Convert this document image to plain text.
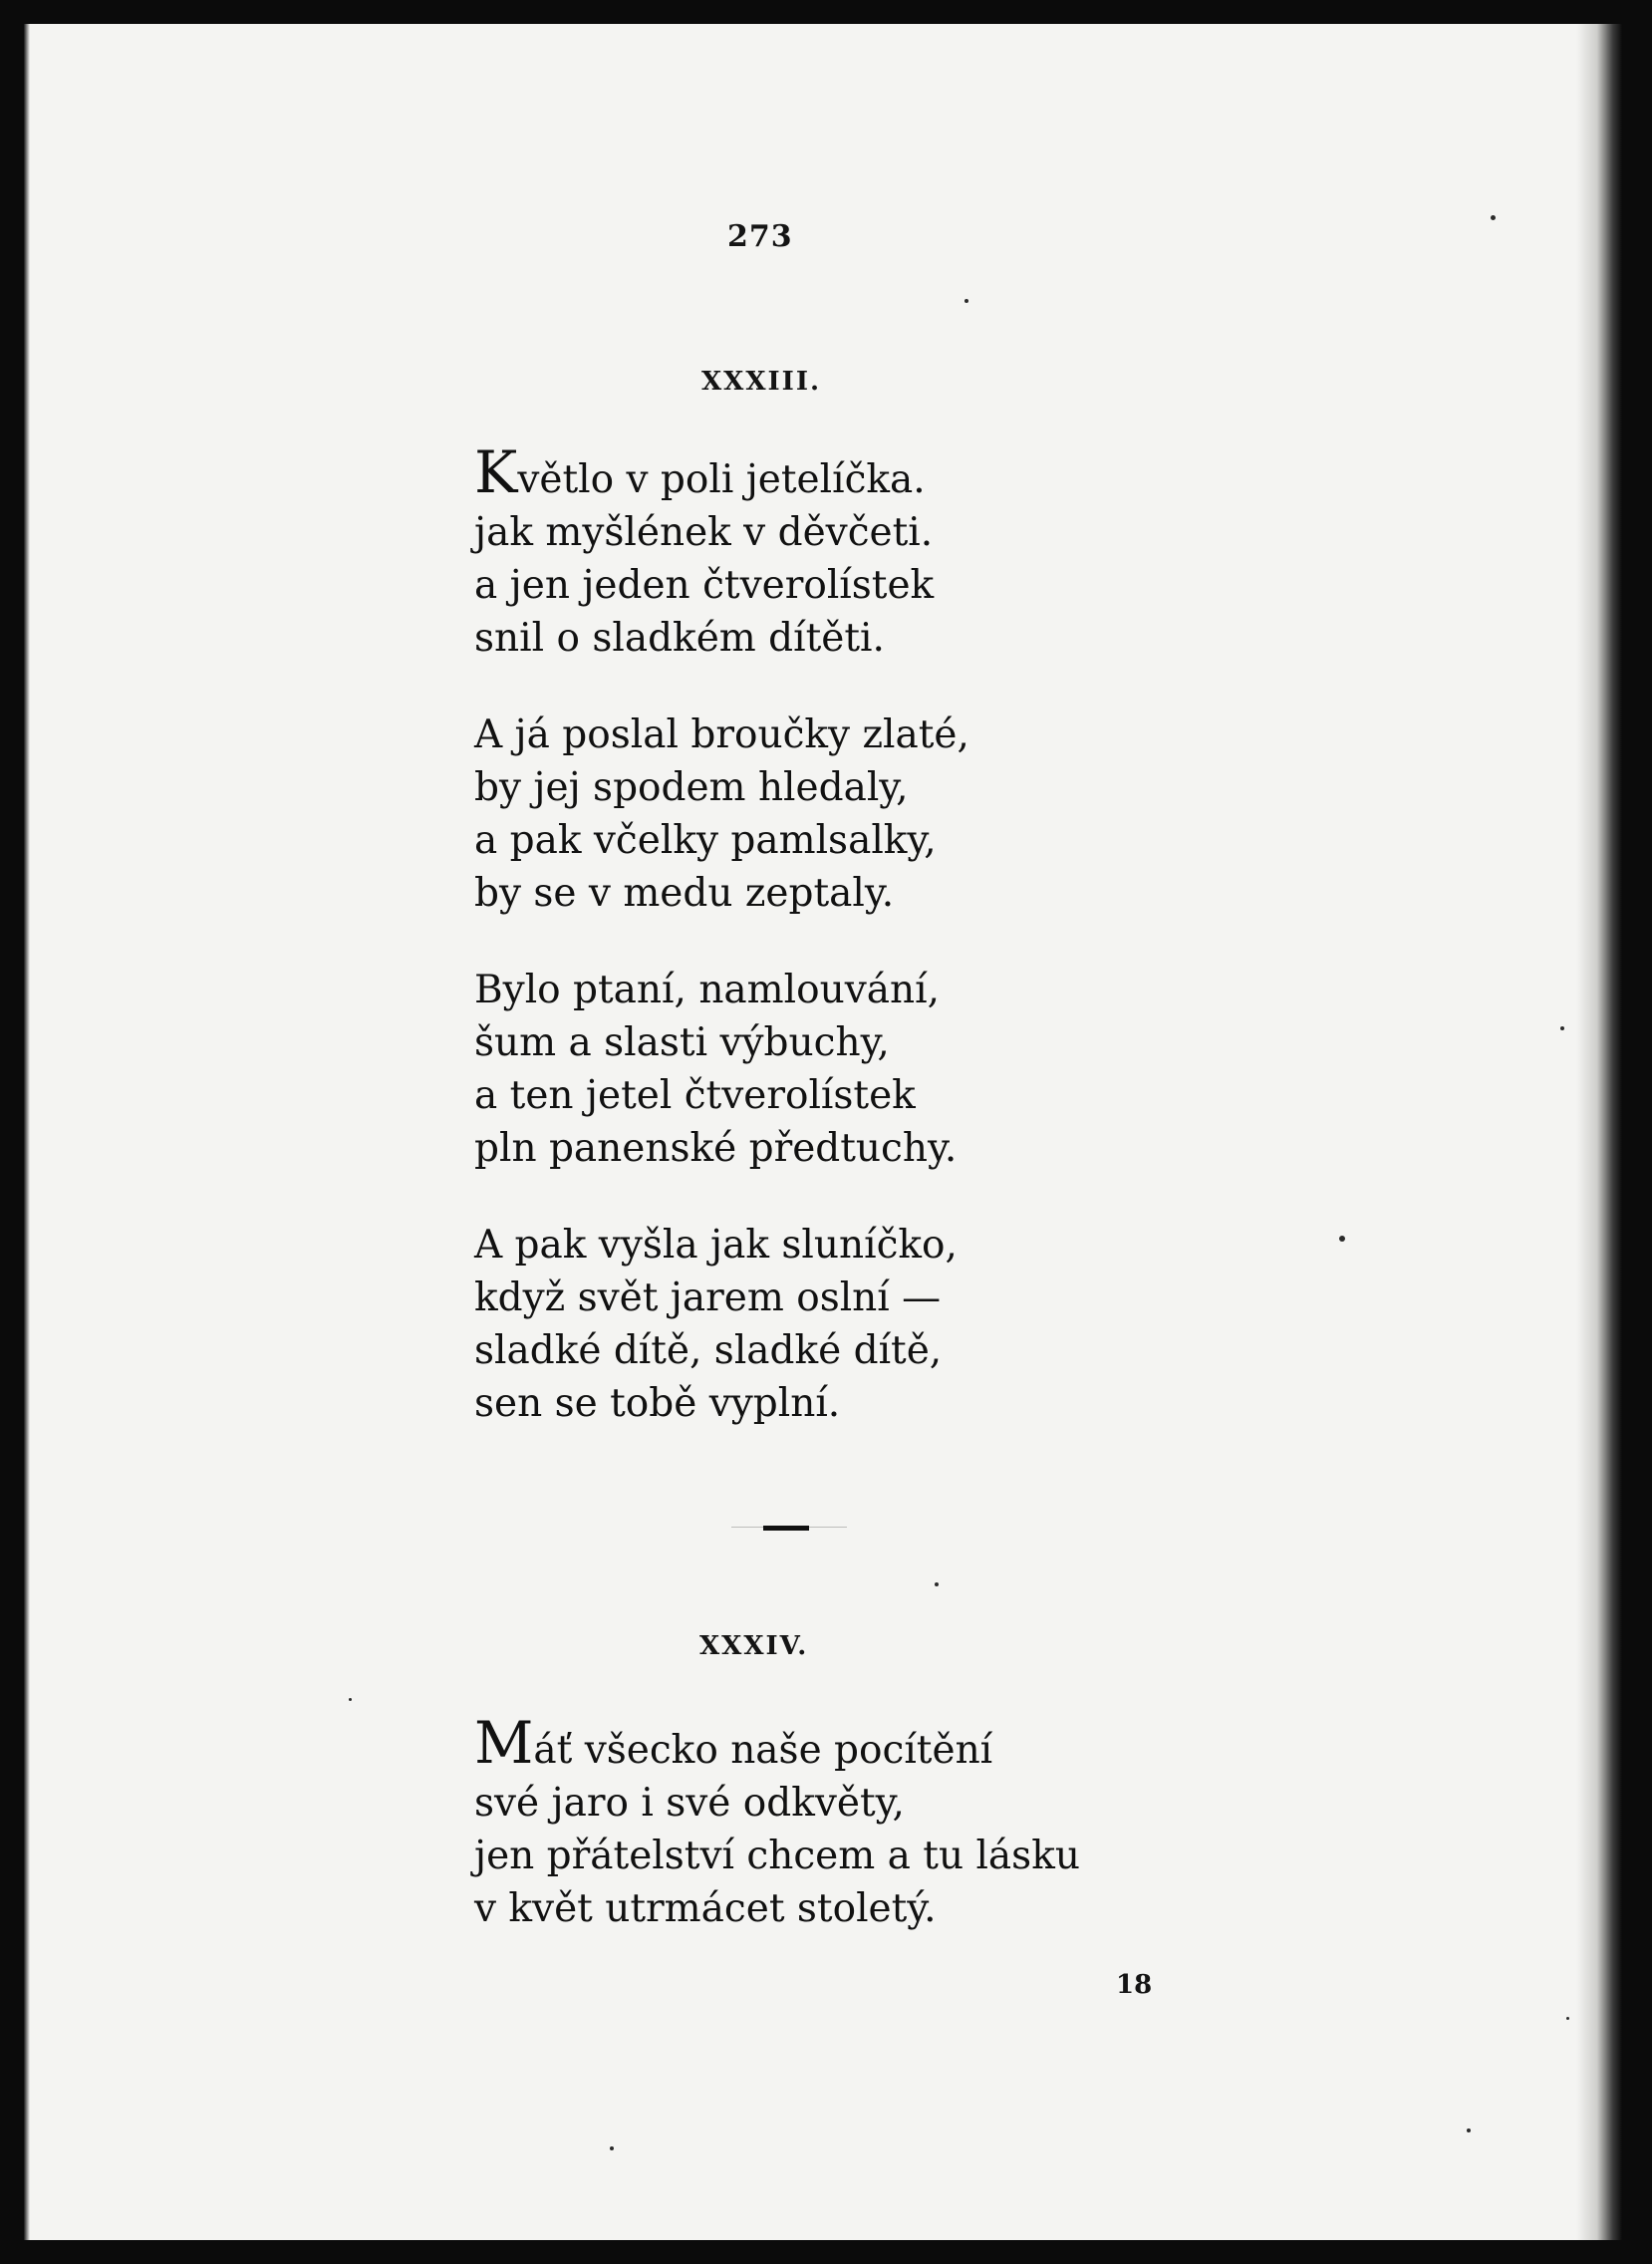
273
XXXIII.
Květlo v poli jetelíčka.
jak myšlének v děvčeti.
a jen jeden čtverolístek
snil o sladkém dítěti.
A já poslal broučky zlaté,
by jej spodem hledaly,
a pak včelky pamlsalky,
by se v medu zeptaly.
Bylo ptaní, namlouvání,
šum a slasti výbuchy,
a ten jetel čtverolístek
pln panenské předtuchy.
A pak vyšla jak sluníčko,
když svět jarem oslní —
sladké dítě, sladké dítě,
sen se tobě vyplní.
XXXIV.
Máť všecko naše pocítění
své jaro i své odkvěty,
jen přátelství chcem a tu lásku
v květ utrmácet stoletý.
18
